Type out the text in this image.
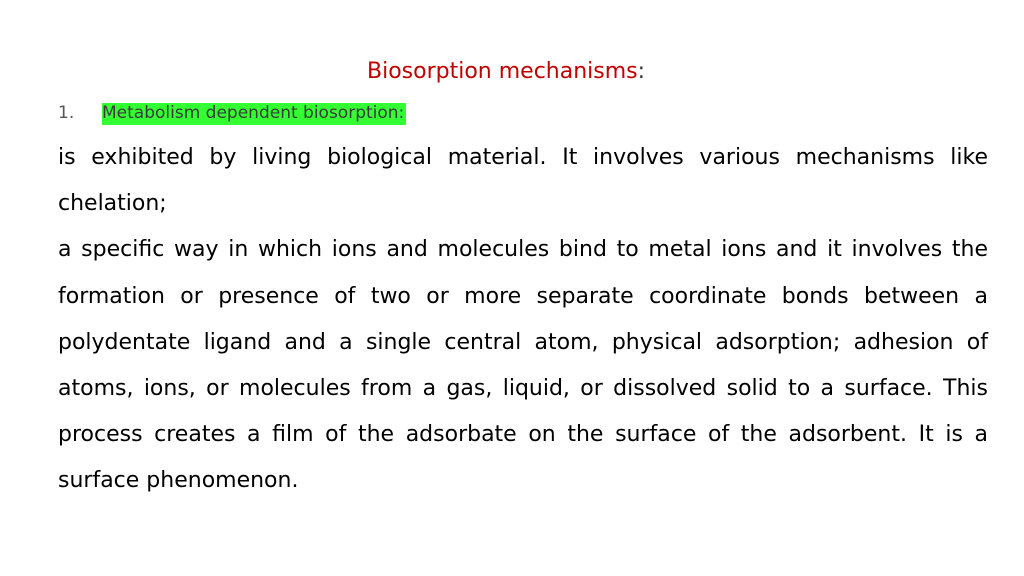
Biosorption mechanisms:
1. Metabolism dependent biosorption:

is exhibited by living biological material. It involves various mechanisms like chelation;

a specific way in which ions and molecules bind to metal ions and it involves the formation or presence of two or more separate coordinate bonds between a polydentate ligand and a single central atom, physical adsorption; adhesion of atoms, ions, or molecules from a gas, liquid, or dissolved solid to a surface. This process creates a film of the adsorbate on the surface of the adsorbent. It is a surface phenomenon.
